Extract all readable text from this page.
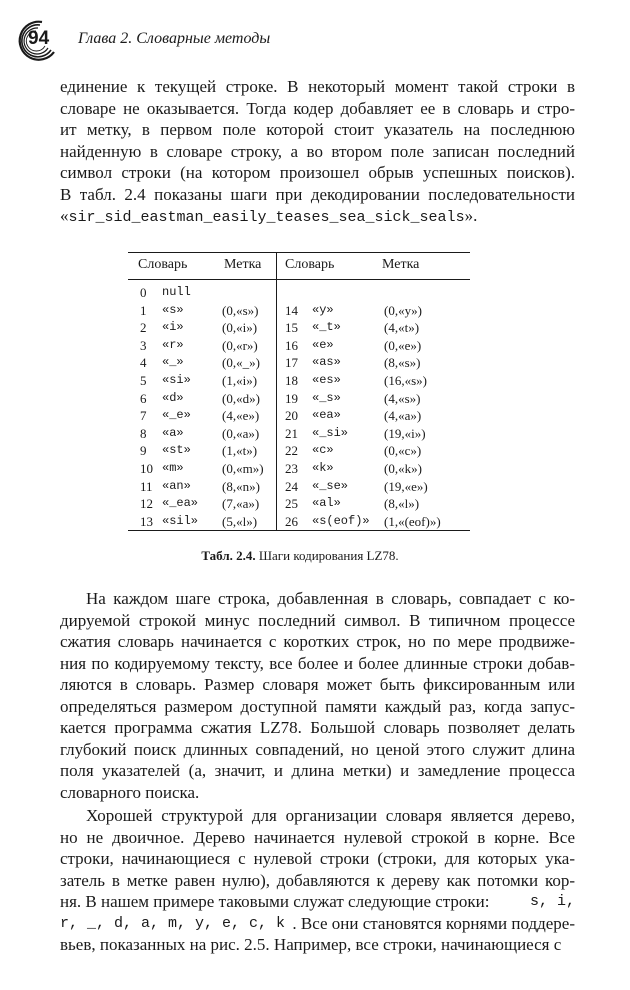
94 Глава 2. Словарные методы
единение к текущей строке. В некоторый момент такой строки в
словаре не оказывается. Тогда кодер добавляет ее в словарь и стро-
ит метку, в первом поле которой стоит указатель на последнюю
найденную в словаре строку, а во втором поле записан последний
символ строки (на котором произошел обрыв успешных поисков).
В табл. 2.4 показаны шаги при декодировании последовательности
«sir_sid_eastman_easily_teases_sea_sick_seals».
Словарь	Метка Словарь	Метка
0 null
1 «s»	(0,«s»)
2 «i»	(0,«i»)
3 «r»	(0,«r»)
4 «_»	(0,«_»)
5 «si» (1,«i»)
6 «d»	(0,«d»)
7 «_e» (4,«e»)
8 «a»	(0,«a»)
9 «st» (1,«t»)
10 «m»	(0,«m»)
11 «an» (8,«n»)
12 «_ea» (7,«a»)
13 «sil» (5,«l»)
14 «y»	(0,«y»)
15 «_t»	(4,«t»)
16 «e»	(0,«e»)
17 «as»	(8,«s»)
18 «es»	(16,«s»)
19 «_s»	(4,«s»)
20 «ea»	(4,«a»)
21 «_si»	(19,«i»)
22 «c»	(0,«c»)
23 «k»	(0,«k»)
24 «_se»	(19,«e»)
25 «al»	(8,«l»)
26 «s(eof)» (1,«(eof)»)
Табл. 2.4. Шаги кодирования LZ78.
На каждом шаге строка, добавленная в словарь, совпадает с ко-
дируемой строкой минус последний символ. В типичном процессе
сжатия словарь начинается с коротких строк, но по мере продвиже-
ния по кодируемому тексту, все более и более длинные строки добав-
ляются в словарь. Размер словаря может быть фиксированным или
определяться размером доступной памяти каждый раз, когда запус-
кается программа сжатия LZ78. Большой словарь позволяет делать
глубокий поиск длинных совпадений, но ценой этого служит длина
поля указателей (а, значит, и длина метки) и замедление процесса
словарного поиска.
Хорошей структурой для организации словаря является дерево,
но не двоичное. Дерево начинается нулевой строкой в корне. Все
строки, начинающиеся с нулевой строки (строки, для которых ука-
затель в метке равен нулю), добавляются к дереву как потомки кор-
ня. В нашем примере таковыми служат следующие строки:	s, i,
r, _, d, a, m, y, e, c, k . Все они становятся корнями поддере-
вьев, показанных на рис. 2.5. Например, все строки, начинающиеся с
